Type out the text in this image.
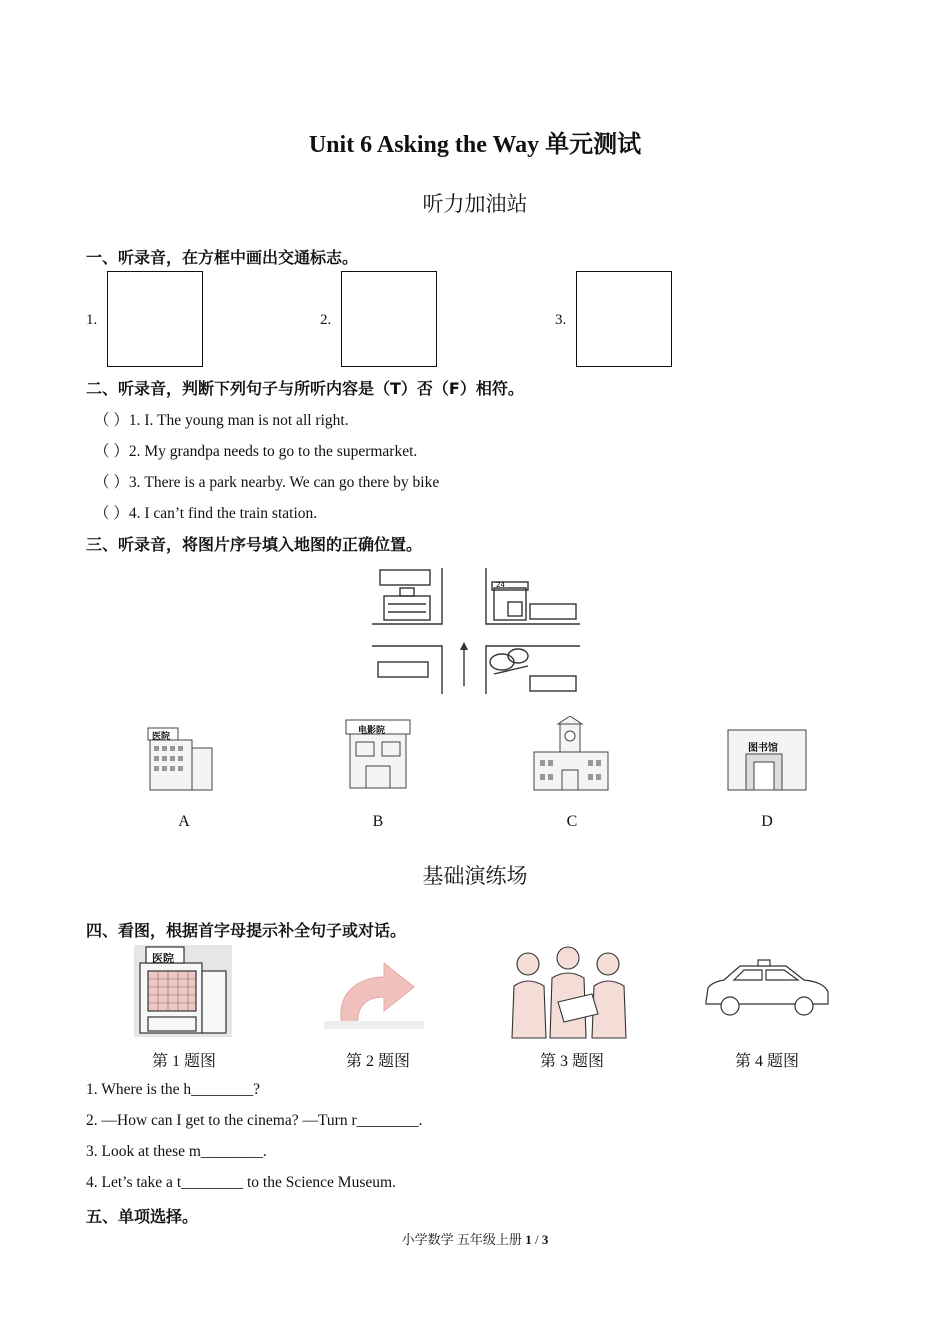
Unit 6 Asking the Way 单元测试
听力加油站
一、听录音，在方框中画出交通标志。
1.	2.	3.
二、听录音，判断下列句子与所听内容是（T）否（F）相符。
（ ）1. I. The young man is not all right.
（ ）2. My grandpa needs to go to the supermarket.
（ ）3. There is a park nearby. We can go there by bike
（ ）4. I can’t find the train station.
三、听录音，将图片序号填入地图的正确位置。
24
医院
电影院
图书馆
A	B	C	D
基础演练场
四、看图，根据首字母提示补全句子或对话。
医院
第 1 题图	第 2 题图	第 3 题图	第 4 题图
1. Where is the h________?
2. —How can I get to the cinema? —Turn r________.
3. Look at these m________.
4. Let’s take a t________ to the Science Museum.
五、单项选择。
小学数学 五年级上册 1 / 3
